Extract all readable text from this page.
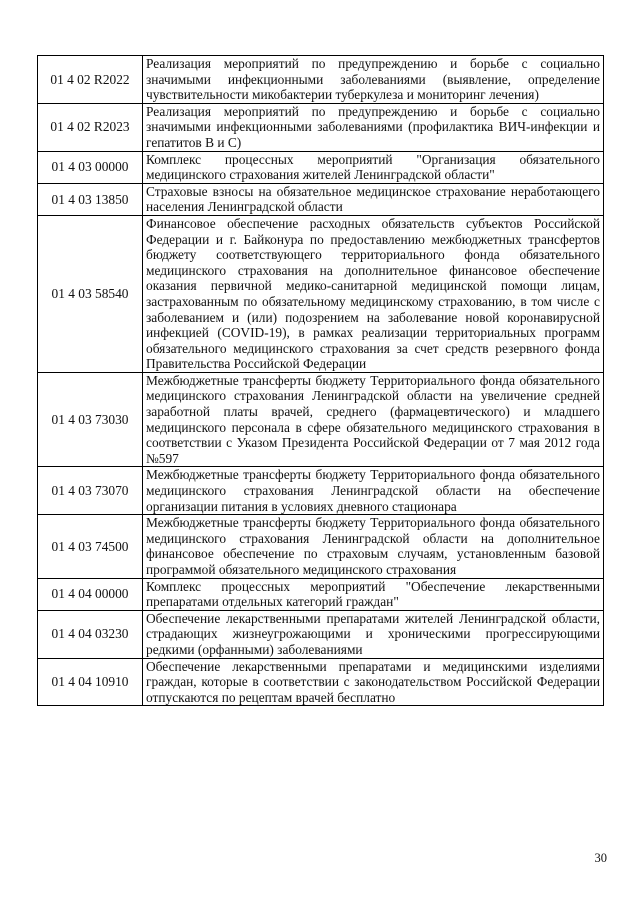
01 4 02 R2022	Реализация мероприятий по предупреждению и борьбе с социально значимыми инфекционными заболеваниями (выявление, определение чувствительности микобактерии туберкулеза и мониторинг лечения)
01 4 02 R2023	Реализация мероприятий по предупреждению и борьбе с социально значимыми инфекционными заболеваниями (профилактика ВИЧ-инфекции и гепатитов В и С)
01 4 03 00000	Комплекс процессных мероприятий "Организация обязательного медицинского страхования жителей Ленинградской области"
01 4 03 13850	Страховые взносы на обязательное медицинское страхование неработающего населения Ленинградской области
01 4 03 58540	Финансовое обеспечение расходных обязательств субъектов Российской Федерации и г. Байконура по предоставлению межбюджетных трансфертов бюджету соответствующего территориального фонда обязательного медицинского страхования на дополнительное финансовое обеспечение оказания первичной медико-санитарной медицинской помощи лицам, застрахованным по обязательному медицинскому страхованию, в том числе с заболеванием и (или) подозрением на заболевание новой коронавирусной инфекцией (COVID-19), в рамках реализации территориальных программ обязательного медицинского страхования за счет средств резервного фонда Правительства Российской Федерации
01 4 03 73030	Межбюджетные трансферты бюджету Территориального фонда обязательного медицинского страхования Ленинградской области на увеличение средней заработной платы врачей, среднего (фармацевтического) и младшего медицинского персонала в сфере обязательного медицинского страхования в соответствии с Указом Президента Российской Федерации от 7 мая 2012 года №597
01 4 03 73070	Межбюджетные трансферты бюджету Территориального фонда обязательного медицинского страхования Ленинградской области на обеспечение организации питания в условиях дневного стационара
01 4 03 74500	Межбюджетные трансферты бюджету Территориального фонда обязательного медицинского страхования Ленинградской области на дополнительное финансовое обеспечение по страховым случаям, установленным базовой программой обязательного медицинского страхования
01 4 04 00000	Комплекс процессных мероприятий "Обеспечение лекарственными препаратами отдельных категорий граждан"
01 4 04 03230	Обеспечение лекарственными препаратами жителей Ленинградской области, страдающих жизнеугрожающими и хроническими прогрессирующими редкими (орфанными) заболеваниями
01 4 04 10910	Обеспечение лекарственными препаратами и медицинскими изделиями граждан, которые в соответствии с законодательством Российской Федерации отпускаются по рецептам врачей бесплатно
30
